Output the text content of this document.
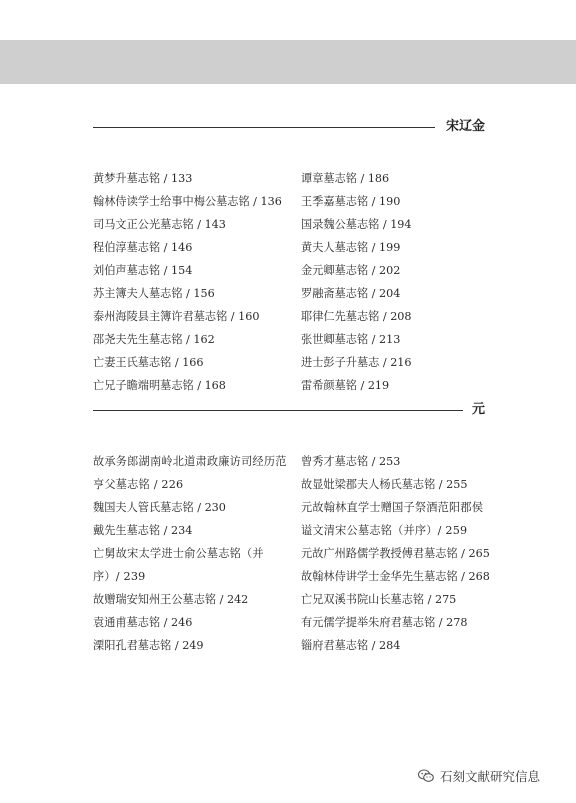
宋辽金
黄梦升墓志铭 / 133
翰林侍读学士给事中梅公墓志铭 / 136
司马文正公光墓志铭 / 143
程伯淳墓志铭 / 146
刘伯声墓志铭 / 154
苏主簿夫人墓志铭 / 156
泰州海陵县主簿许君墓志铭 / 160
邵尧夫先生墓志铭 / 162
亡妻王氏墓志铭 / 166
亡兄子瞻端明墓志铭 / 168
谭章墓志铭 / 186
王季嘉墓志铭 / 190
国录魏公墓志铭 / 194
黄夫人墓志铭 / 199
金元卿墓志铭 / 202
罗融斋墓志铭 / 204
耶律仁先墓志铭 / 208
张世卿墓志铭 / 213
进士彭子升墓志 / 216
雷希颜墓铭 / 219
元
故承务郎湖南岭北道肃政廉访司经历范亨父墓志铭 / 226
魏国夫人管氏墓志铭 / 230
戴先生墓志铭 / 234
亡舅故宋太学进士俞公墓志铭（并序）/ 239
故赠瑞安知州王公墓志铭 / 242
袁通甫墓志铭 / 246
溧阳孔君墓志铭 / 249
曾秀才墓志铭 / 253
故显妣梁郡夫人杨氏墓志铭 / 255
元故翰林直学士赠国子祭酒范阳郡侯谥文清宋公墓志铭（并序）/ 259
元故广州路儒学教授傅君墓志铭 / 265
故翰林侍讲学士金华先生墓志铭 / 268
亡兄双溪书院山长墓志铭 / 275
有元儒学提举朱府君墓志铭 / 278
锱府君墓志铭 / 284
石刻文献研究信息
